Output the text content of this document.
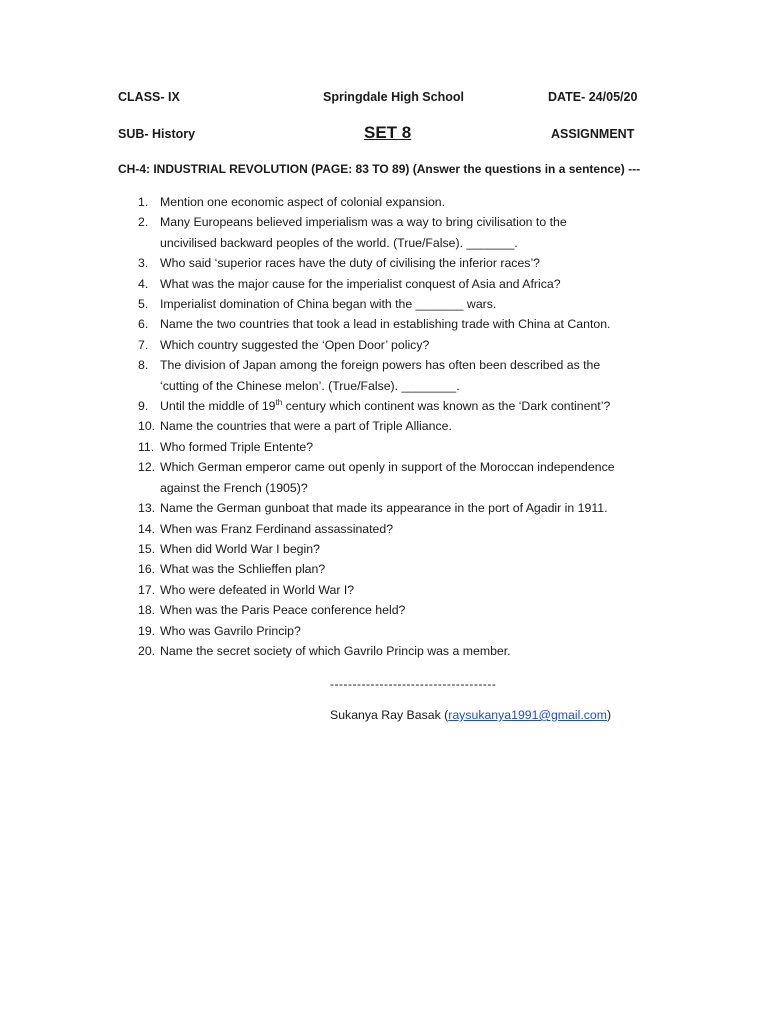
CLASS- IX	Springdale High School	DATE- 24/05/20
SUB- History	SET 8	ASSIGNMENT
CH-4: INDUSTRIAL REVOLUTION (PAGE: 83 TO 89) (Answer the questions in a sentence) ---
1. Mention one economic aspect of colonial expansion.
2. Many Europeans believed imperialism was a way to bring civilisation to the
uncivilised backward peoples of the world. (True/False). _______.
3. Who said ‘superior races have the duty of civilising the inferior races’?
4. What was the major cause for the imperialist conquest of Asia and Africa?
5. Imperialist domination of China began with the _______ wars.
6. Name the two countries that took a lead in establishing trade with China at Canton.
7. Which country suggested the ‘Open Door’ policy?
8. The division of Japan among the foreign powers has often been described as the
‘cutting of the Chinese melon’. (True/False). ________.
9. Until the middle of 19th century which continent was known as the ‘Dark continent’?
10. Name the countries that were a part of Triple Alliance.
11. Who formed Triple Entente?
12. Which German emperor came out openly in support of the Moroccan independence
against the French (1905)?
13. Name the German gunboat that made its appearance in the port of Agadir in 1911.
14. When was Franz Ferdinand assassinated?
15. When did World War I begin?
16. What was the Schlieffen plan?
17. Who were defeated in World War I?
18. When was the Paris Peace conference held?
19. Who was Gavrilo Princip?
20. Name the secret society of which Gavrilo Princip was a member.
-------------------------------------
Sukanya Ray Basak (raysukanya1991@gmail.com)
